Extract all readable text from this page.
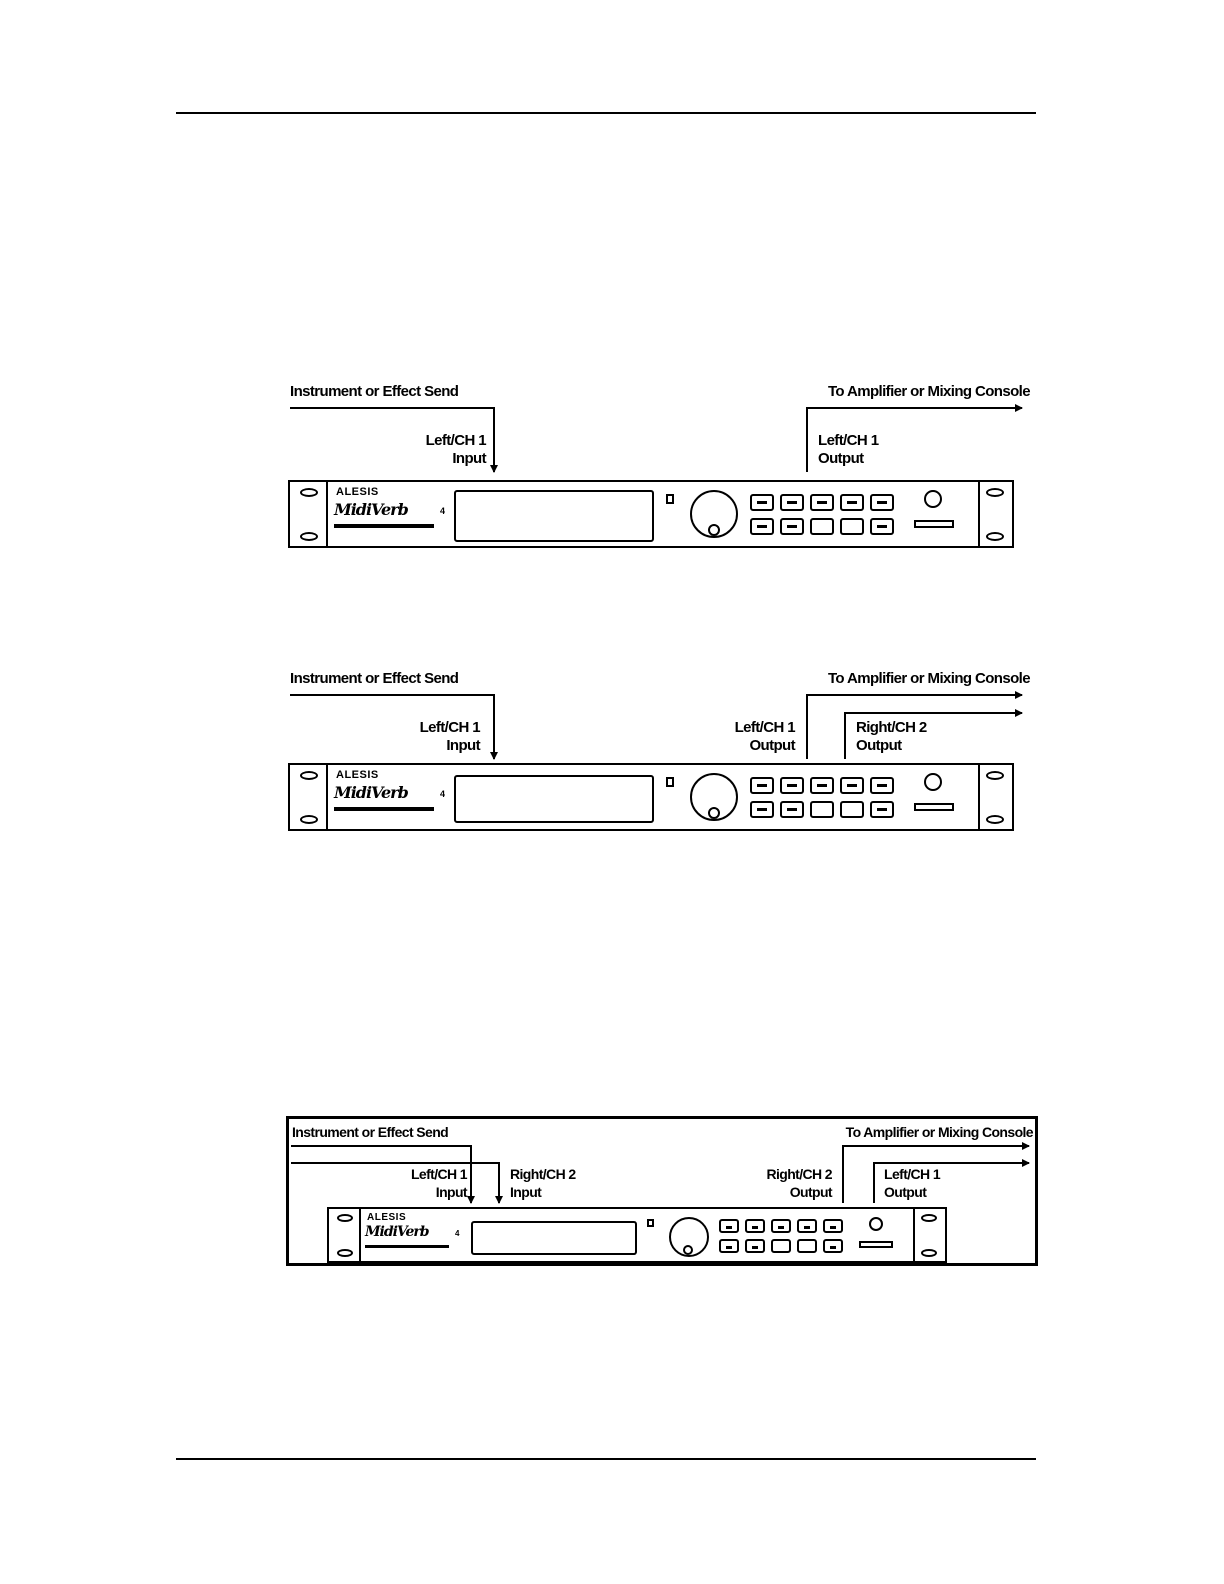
Instrument or Effect Send	To Amplifier or Mixing Console
Left/CH 1
Input
Left/CH 1
Output
ALESIS
MidiVerb	4
Instrument or Effect Send	To Amplifier or Mixing Console
Left/CH 1
Input
Left/CH 1
Output
Right/CH 2
Output
ALESIS
MidiVerb	4
Instrument or Effect Send	To Amplifier or Mixing Console
Left/CH 1
Input
Right/CH 2
Input
Right/CH 2
Output
Left/CH 1
Output
ALESIS
MidiVerb	4
